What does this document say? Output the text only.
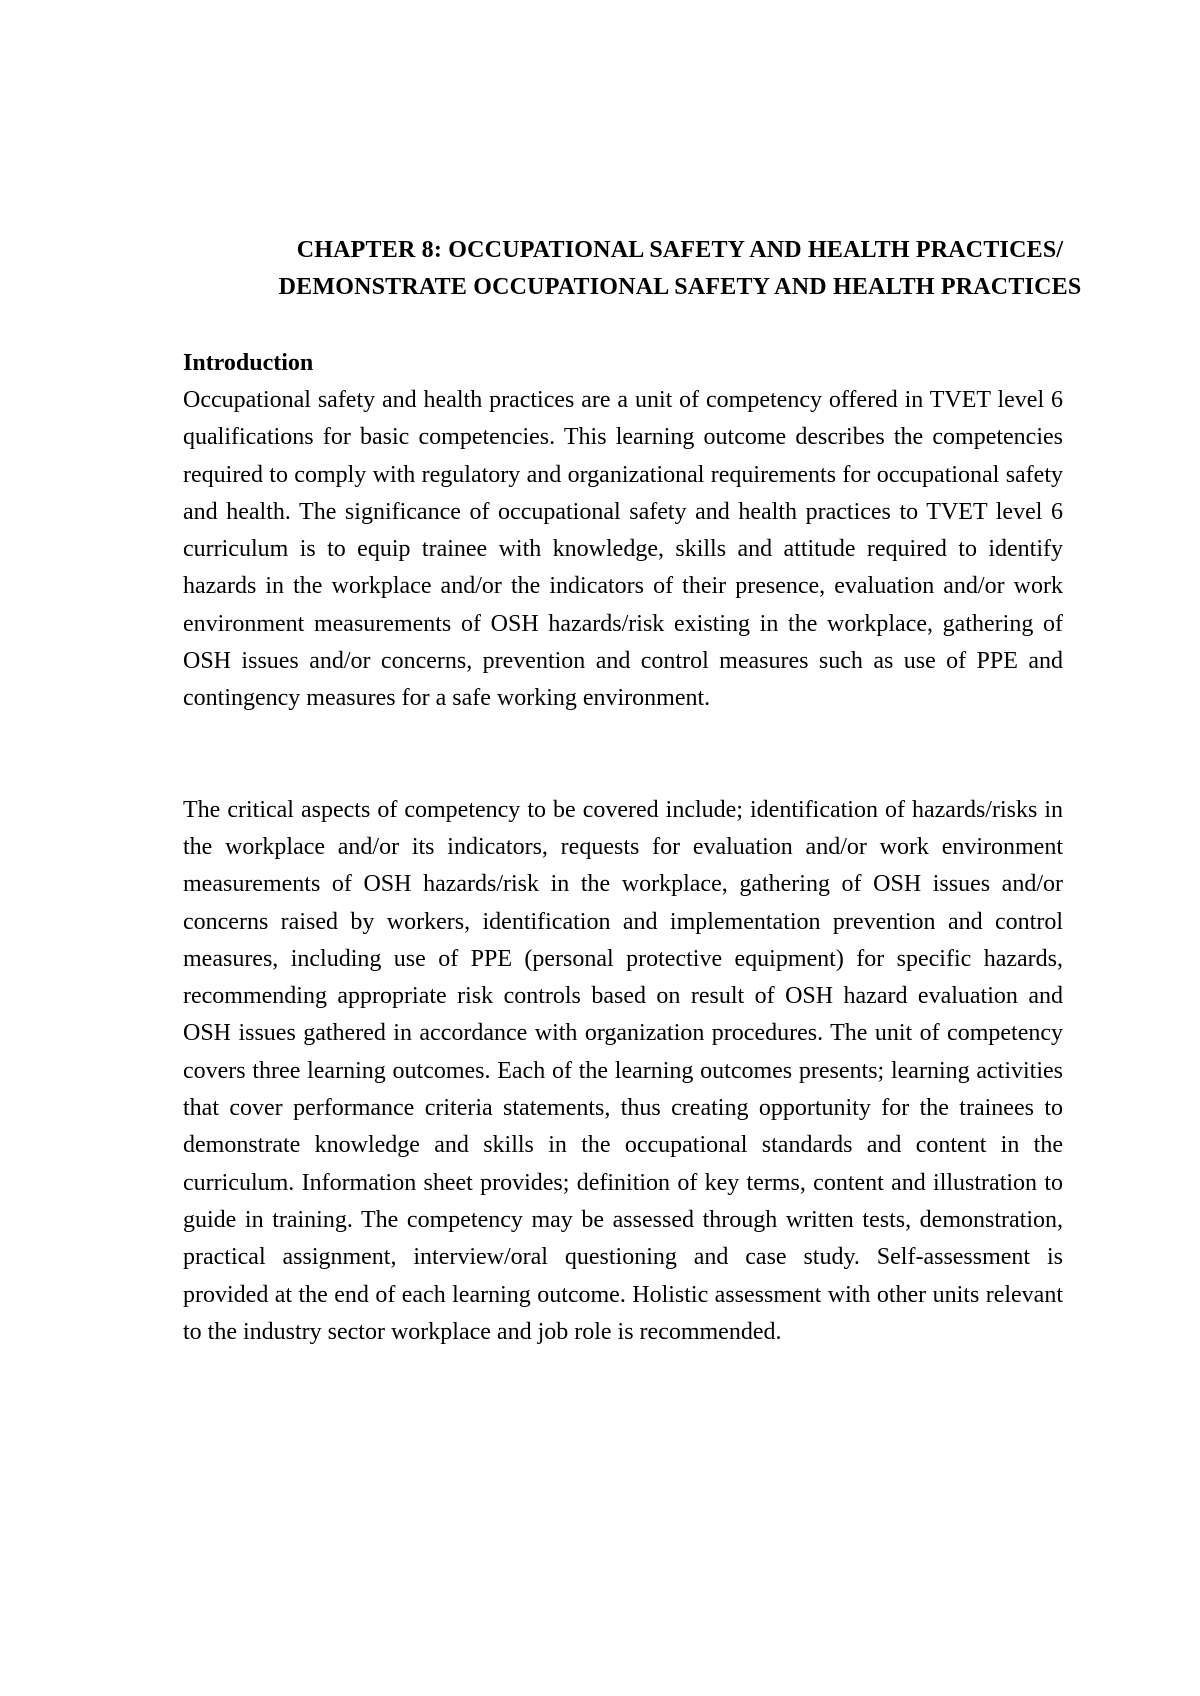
CHAPTER 8: OCCUPATIONAL SAFETY AND HEALTH PRACTICES/
DEMONSTRATE OCCUPATIONAL SAFETY AND HEALTH PRACTICES
Introduction

Occupational safety and health practices are a unit of competency offered in TVET level 6 qualifications for basic competencies. This learning outcome describes the competencies required to comply with regulatory and organizational requirements for occupational safety and health. The significance of occupational safety and health practices to TVET level 6 curriculum is to equip trainee with knowledge, skills and attitude required to identify hazards in the workplace and/or the indicators of their presence, evaluation and/or work environment measurements of OSH hazards/risk existing in the workplace, gathering of OSH issues and/or concerns, prevention and control measures such as use of PPE and contingency measures for a safe working environment.

The critical aspects of competency to be covered include; identification of hazards/risks in the workplace and/or its indicators, requests for evaluation and/or work environment measurements of OSH hazards/risk in the workplace, gathering of OSH issues and/or concerns raised by workers, identification and implementation prevention and control measures, including use of PPE (personal protective equipment) for specific hazards, recommending appropriate risk controls based on result of OSH hazard evaluation and OSH issues gathered in accordance with organization procedures. The unit of competency covers three learning outcomes. Each of the learning outcomes presents; learning activities that cover performance criteria statements, thus creating opportunity for the trainees to demonstrate knowledge and skills in the occupational standards and content in the curriculum. Information sheet provides; definition of key terms, content and illustration to guide in training. The competency may be assessed through written tests, demonstration, practical assignment, interview/oral questioning and case study. Self-assessment is provided at the end of each learning outcome. Holistic assessment with other units relevant to the industry sector workplace and job role is recommended.
